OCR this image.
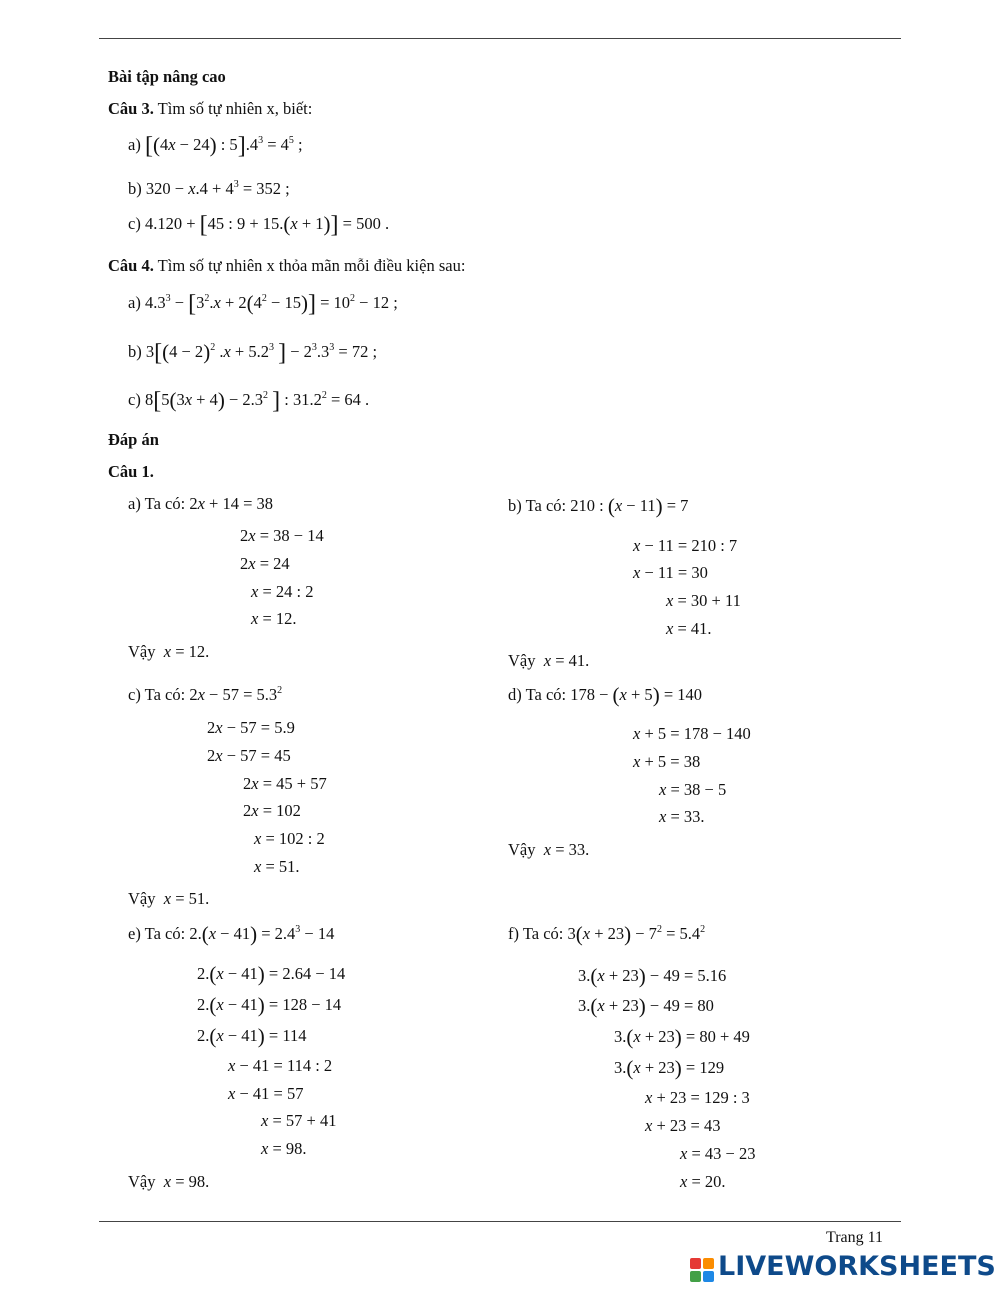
Bài tập nâng cao
Câu 3. Tìm số tự nhiên x, biết:
a) [(4x − 24) : $5].4^3 = 4^5$ ;
b) $320 - x.4 + 4^3 = 352$ ;
c) 4.120 + [45 : 9 + 15.(x + 1)] = 500 .
Câu 4. Tìm số tự nhiên x thỏa mãn mỗi điều kiện sau:
a) $4.3^3 - [3^2.x + 2(4^2 - 15)] = 10^2 - 12$ ;
b) $3[(4 - 2)^2$ $.x + 5.2^3$ ] − $2^3.3^3 = 72$ ;
c) $8[5(3x + 4) - 2.3^2$ ] : $31.2^2 = 64$ .
Đáp án
Câu 1.
a) Ta có: 2x + 14 = 38
2x = 38 − 14
2x = 24
x = 24 : 2
x = 12.
Vậy x = 12.
b) Ta có: 210 : (x − 11) = 7
x − 11 = 210 : 7
x − 11 = 30
x = 30 + 11
x = 41.
Vậy x = 41.
c) Ta có: $2x - 57 = 5.3^2$
2x − 57 = 5.9
2x − 57 = 45
2x = 45 + 57
2x = 102
x = 102 : 2
x = 51.
Vậy x = 51.
d) Ta có: 178 − (x + 5) = 140
x + 5 = 178 − 140
x + 5 = 38
x = 38 − 5
x = 33.
Vậy x = 33.
e) Ta có: $2.(x - 41) = 2.4^3 - 14$
2.(x − 41) = 2.64 − 14
2.(x − 41) = 128 − 14
2.(x − 41) = 114
x − 41 = 114 : 2
x − 41 = 57
x = 57 + 41
x = 98.
Vậy x = 98.
f) Ta có: $3(x + 23) - 7^2 = 5.4^2$
3.(x + 23) − 49 = 5.16
3.(x + 23) − 49 = 80
3.(x + 23) = 80 + 49
3.(x + 23) = 129
x + 23 = 129 : 3
x + 23 = 43
x = 43 − 23
x = 20.
Trang 11
LIVEWORKSHEETS
